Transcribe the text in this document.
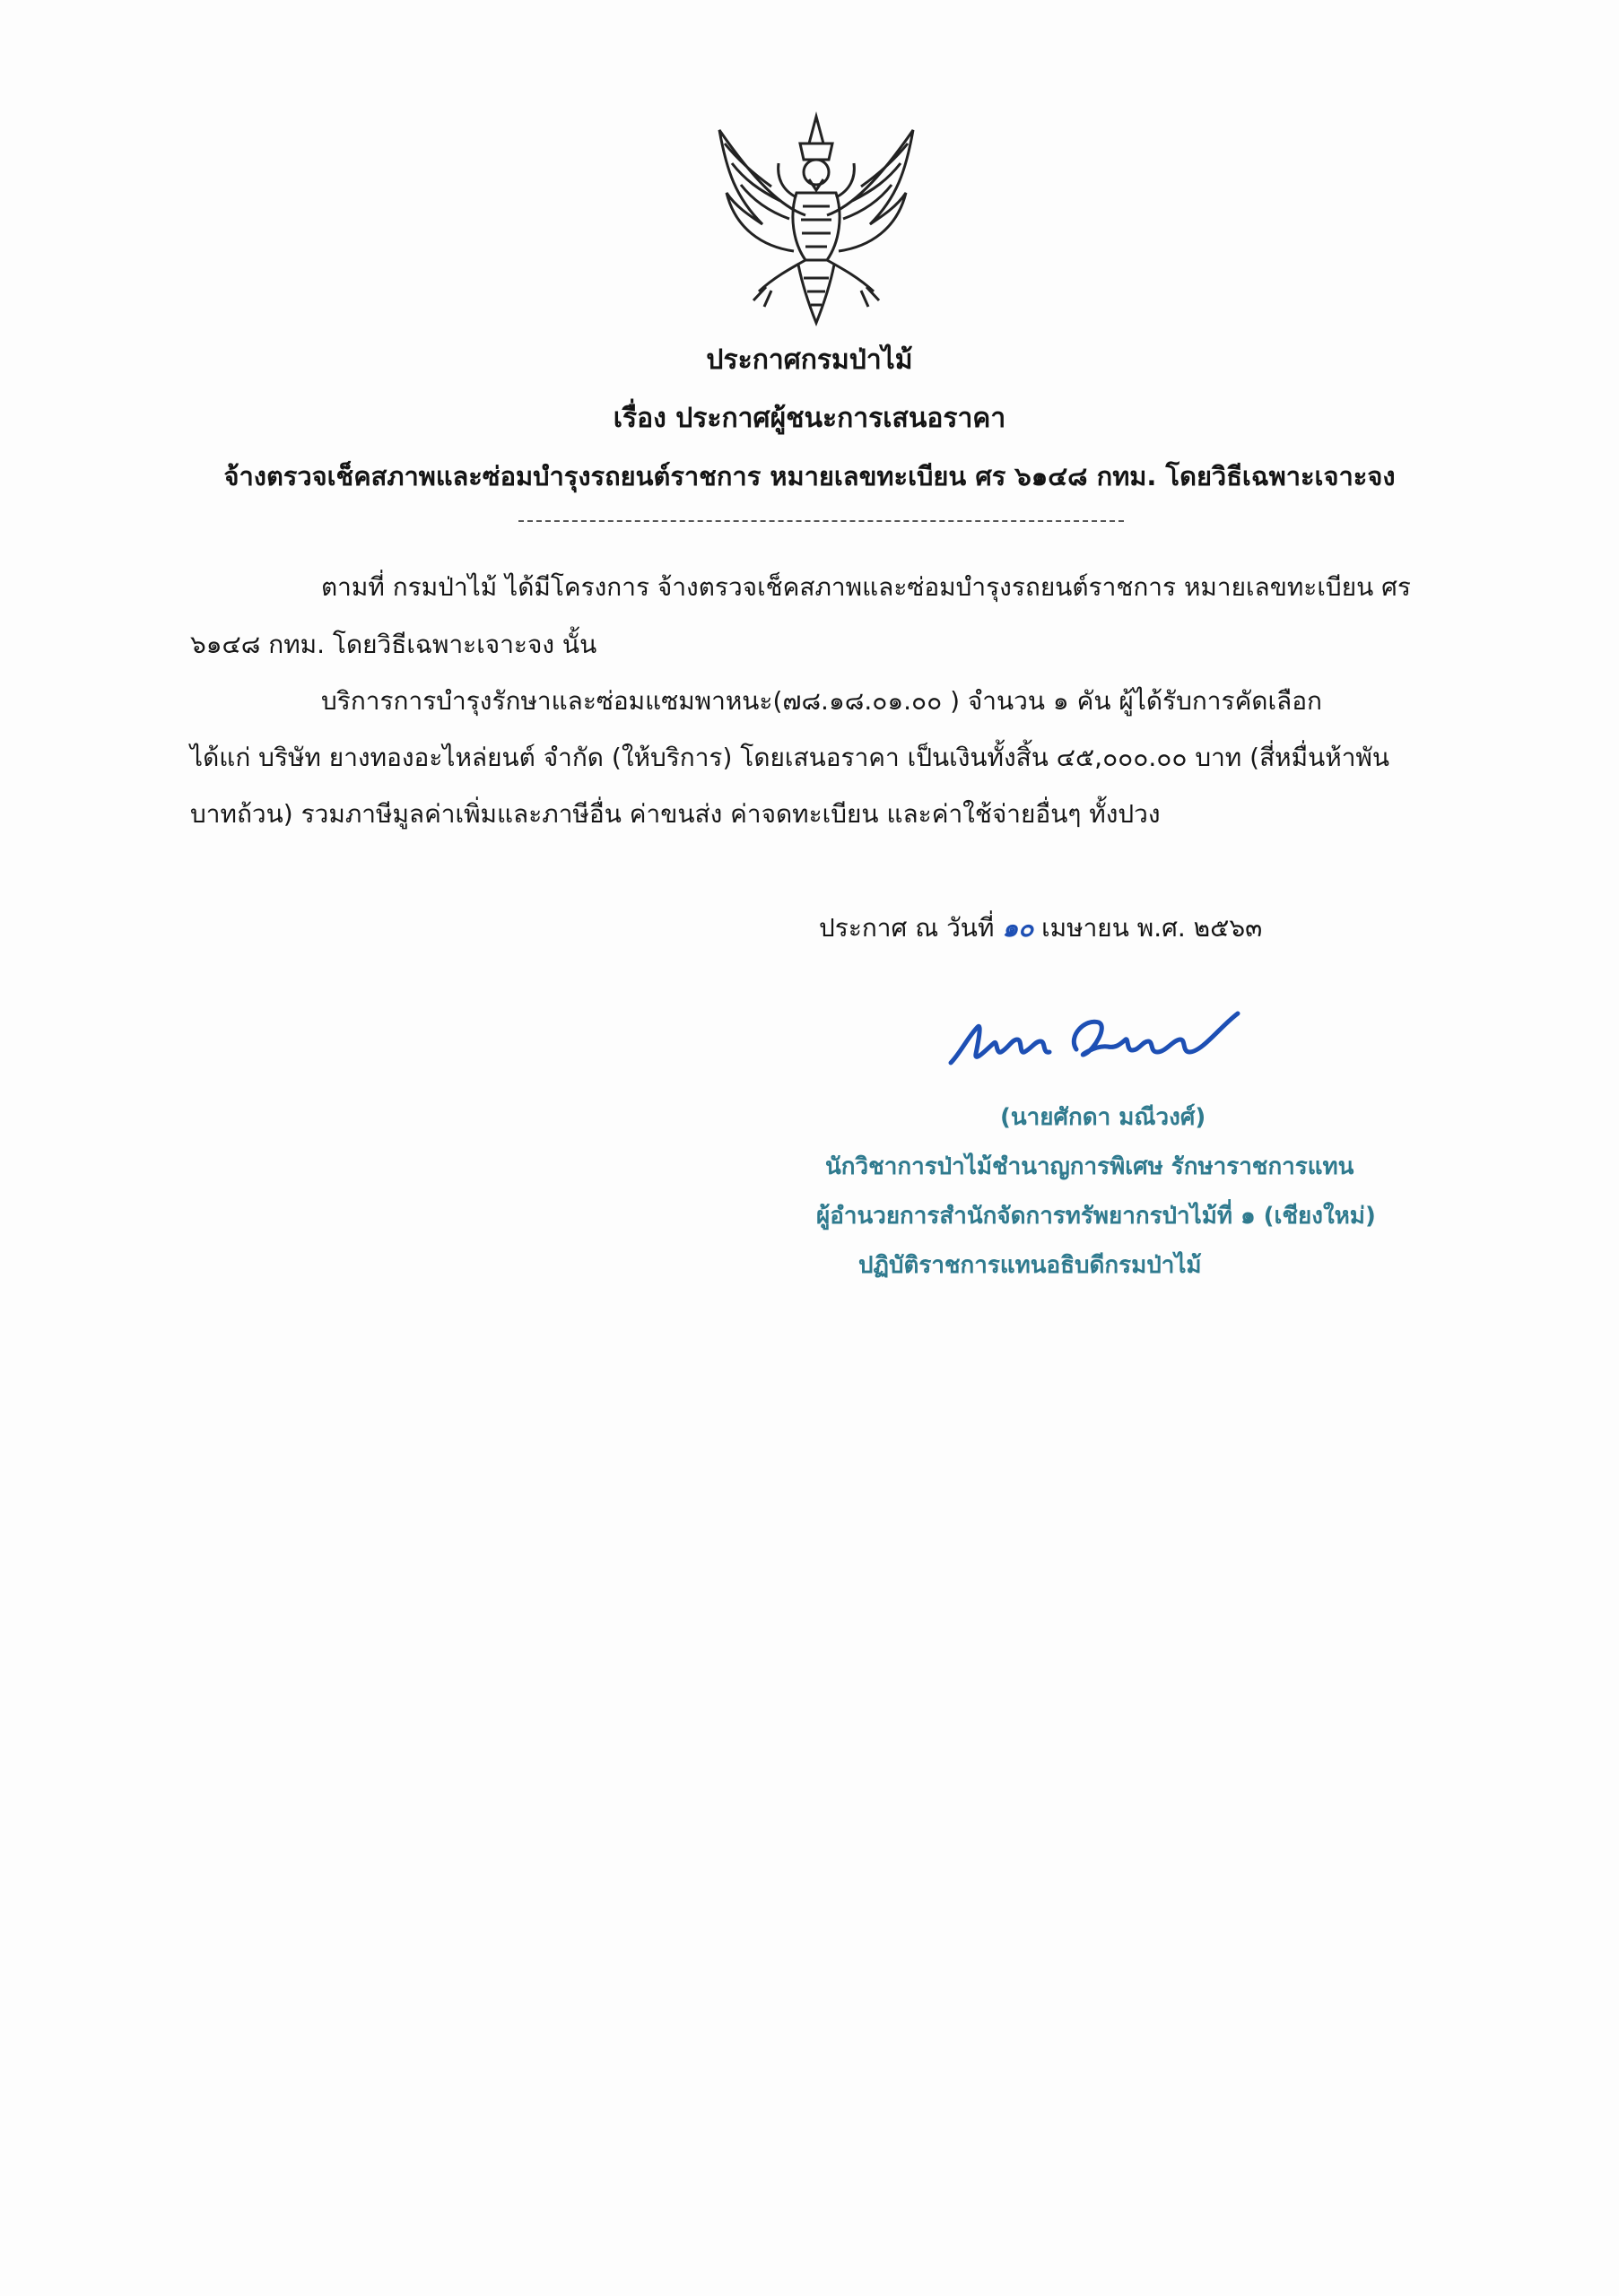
ประกาศกรมป่าไม้
เรื่อง ประกาศผู้ชนะการเสนอราคา
จ้างตรวจเช็คสภาพและซ่อมบำรุงรถยนต์ราชการ หมายเลขทะเบียน ศร ๖๑๔๘ กทม. โดยวิธีเฉพาะเจาะจง
ตามที่ กรมป่าไม้ ได้มีโครงการ จ้างตรวจเช็คสภาพและซ่อมบำรุงรถยนต์ราชการ หมายเลขทะเบียน ศร
๖๑๔๘ กทม. โดยวิธีเฉพาะเจาะจง นั้น
บริการการบำรุงรักษาและซ่อมแซมพาหนะ(๗๘.๑๘.๐๑.๐๐ ) จำนวน ๑ คัน ผู้ได้รับการคัดเลือก
ได้แก่ บริษัท ยางทองอะไหล่ยนต์ จำกัด (ให้บริการ) โดยเสนอราคา เป็นเงินทั้งสิ้น ๔๕,๐๐๐.๐๐ บาท (สี่หมื่นห้าพัน
บาทถ้วน) รวมภาษีมูลค่าเพิ่มและภาษีอื่น ค่าขนส่ง ค่าจดทะเบียน และค่าใช้จ่ายอื่นๆ ทั้งปวง
ประกาศ ณ วันที่ ๑๐ เมษายน พ.ศ. ๒๕๖๓
(นายศักดา มณีวงศ์)
นักวิชาการป่าไม้ชำนาญการพิเศษ รักษาราชการแทน
ผู้อำนวยการสำนักจัดการทรัพยากรป่าไม้ที่ ๑ (เชียงใหม่)
ปฏิบัติราชการแทนอธิบดีกรมป่าไม้
